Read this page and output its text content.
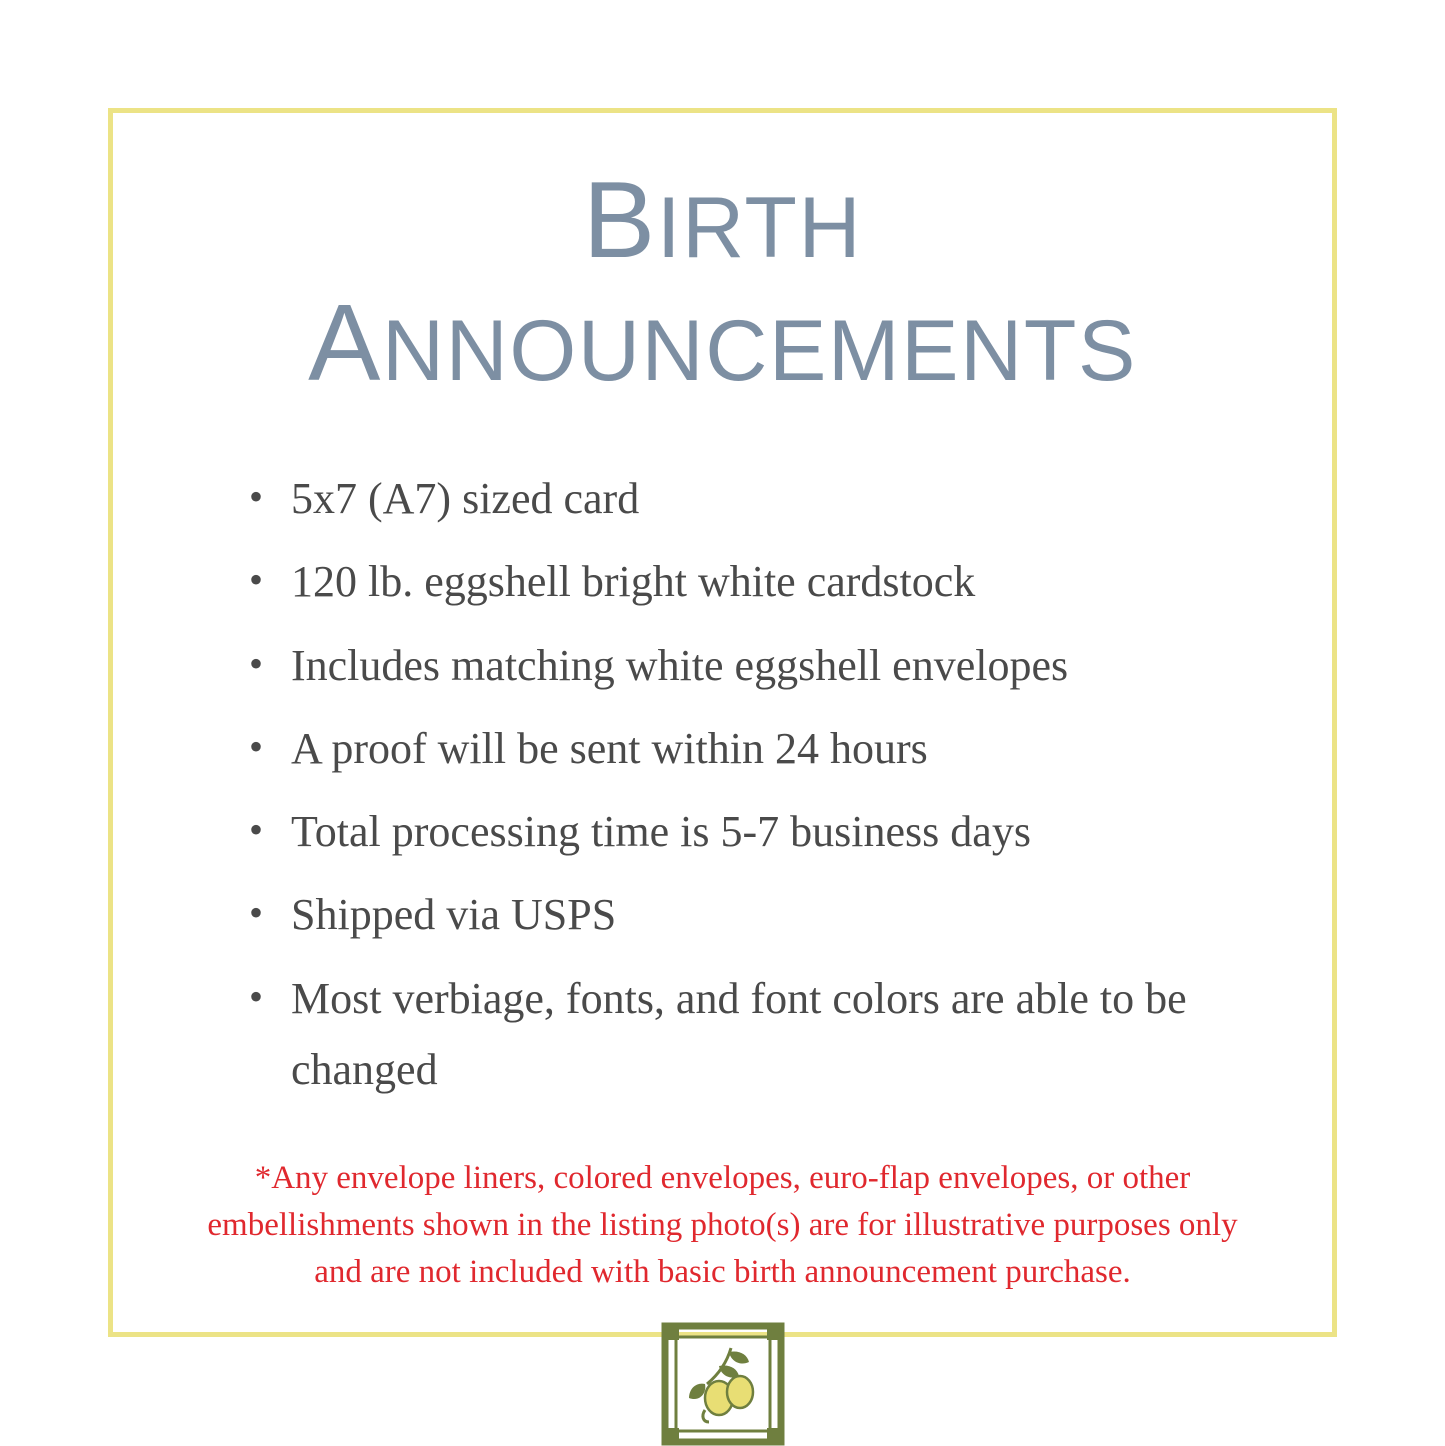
BIRTH
ANNOUNCEMENTS
• 5x7 (A7) sized card
• 120 lb. eggshell bright white cardstock
• Includes matching white eggshell envelopes
• A proof will be sent within 24 hours
• Total processing time is 5-7 business days
• Shipped via USPS
• Most verbiage, fonts, and font colors are able to be changed
*Any envelope liners, colored envelopes, euro-flap envelopes, or other embellishments shown in the listing photo(s) are for illustrative purposes only and are not included with basic birth announcement purchase.
